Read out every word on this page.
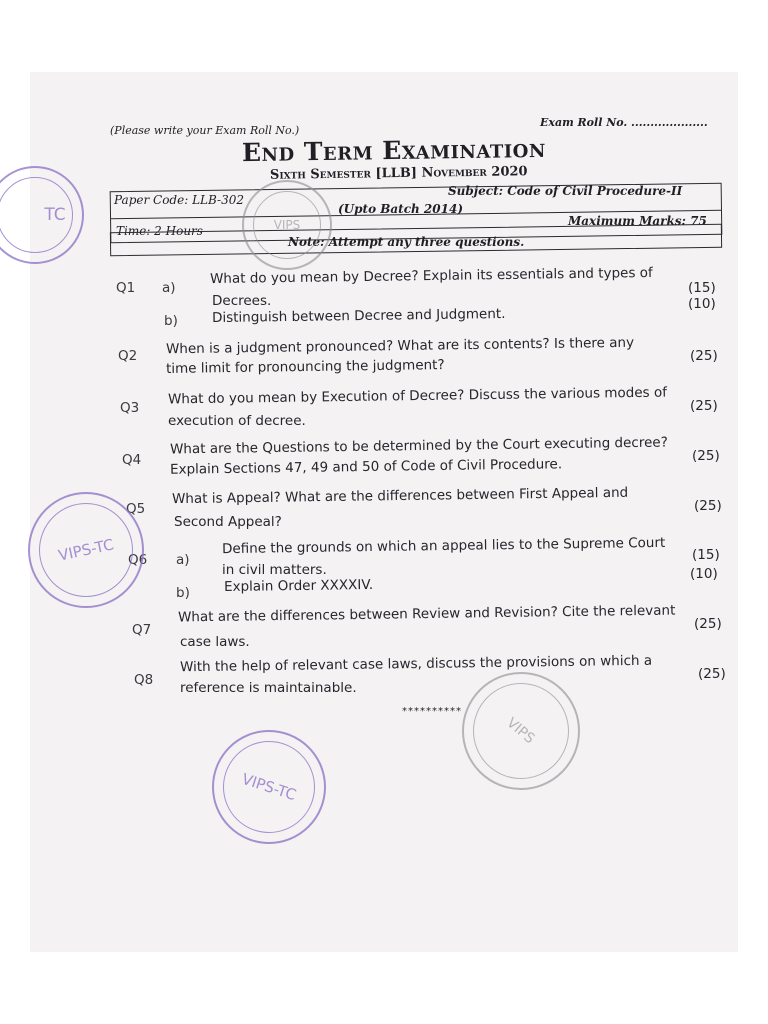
(Please write your Exam Roll No.)
Exam Roll No. ....................
End Term Examination
Sixth Semester [LLB] November 2020
Paper Code: LLB-302
Subject: Code of Civil Procedure-II
(Upto Batch 2014)
Time: 2 Hours
Maximum Marks: 75
Note: Attempt any three questions.
Q1 a)
What do you mean by Decree? Explain its essentials and types of
Decrees.
(15)
b)	Distinguish between Decree and Judgment.
(10)
Q2 When is a judgment pronounced? What are its contents? Is there any
time limit for pronouncing the judgment?
(25)
Q3
What do you mean by Execution of Decree? Discuss the various modes of
execution of decree.
(25)
Q4
What are the Questions to be determined by the Court executing decree?
Explain Sections 47, 49 and 50 of Code of Civil Procedure.
(25)
Q5
What is Appeal? What are the differences between First Appeal and
Second Appeal?
(25)
Q6 a)
Define the grounds on which an appeal lies to the Supreme Court
in civil matters.
(15)
b)	Explain Order XXXXIV.
(10)
Q7
What are the differences between Review and Revision? Cite the relevant
case laws.
(25)
Q8
With the help of relevant case laws, discuss the provisions on which a
reference is maintainable.
(25)
**********
TC
VIPS-TC
VIPS-TC
VIPS
VIPS
